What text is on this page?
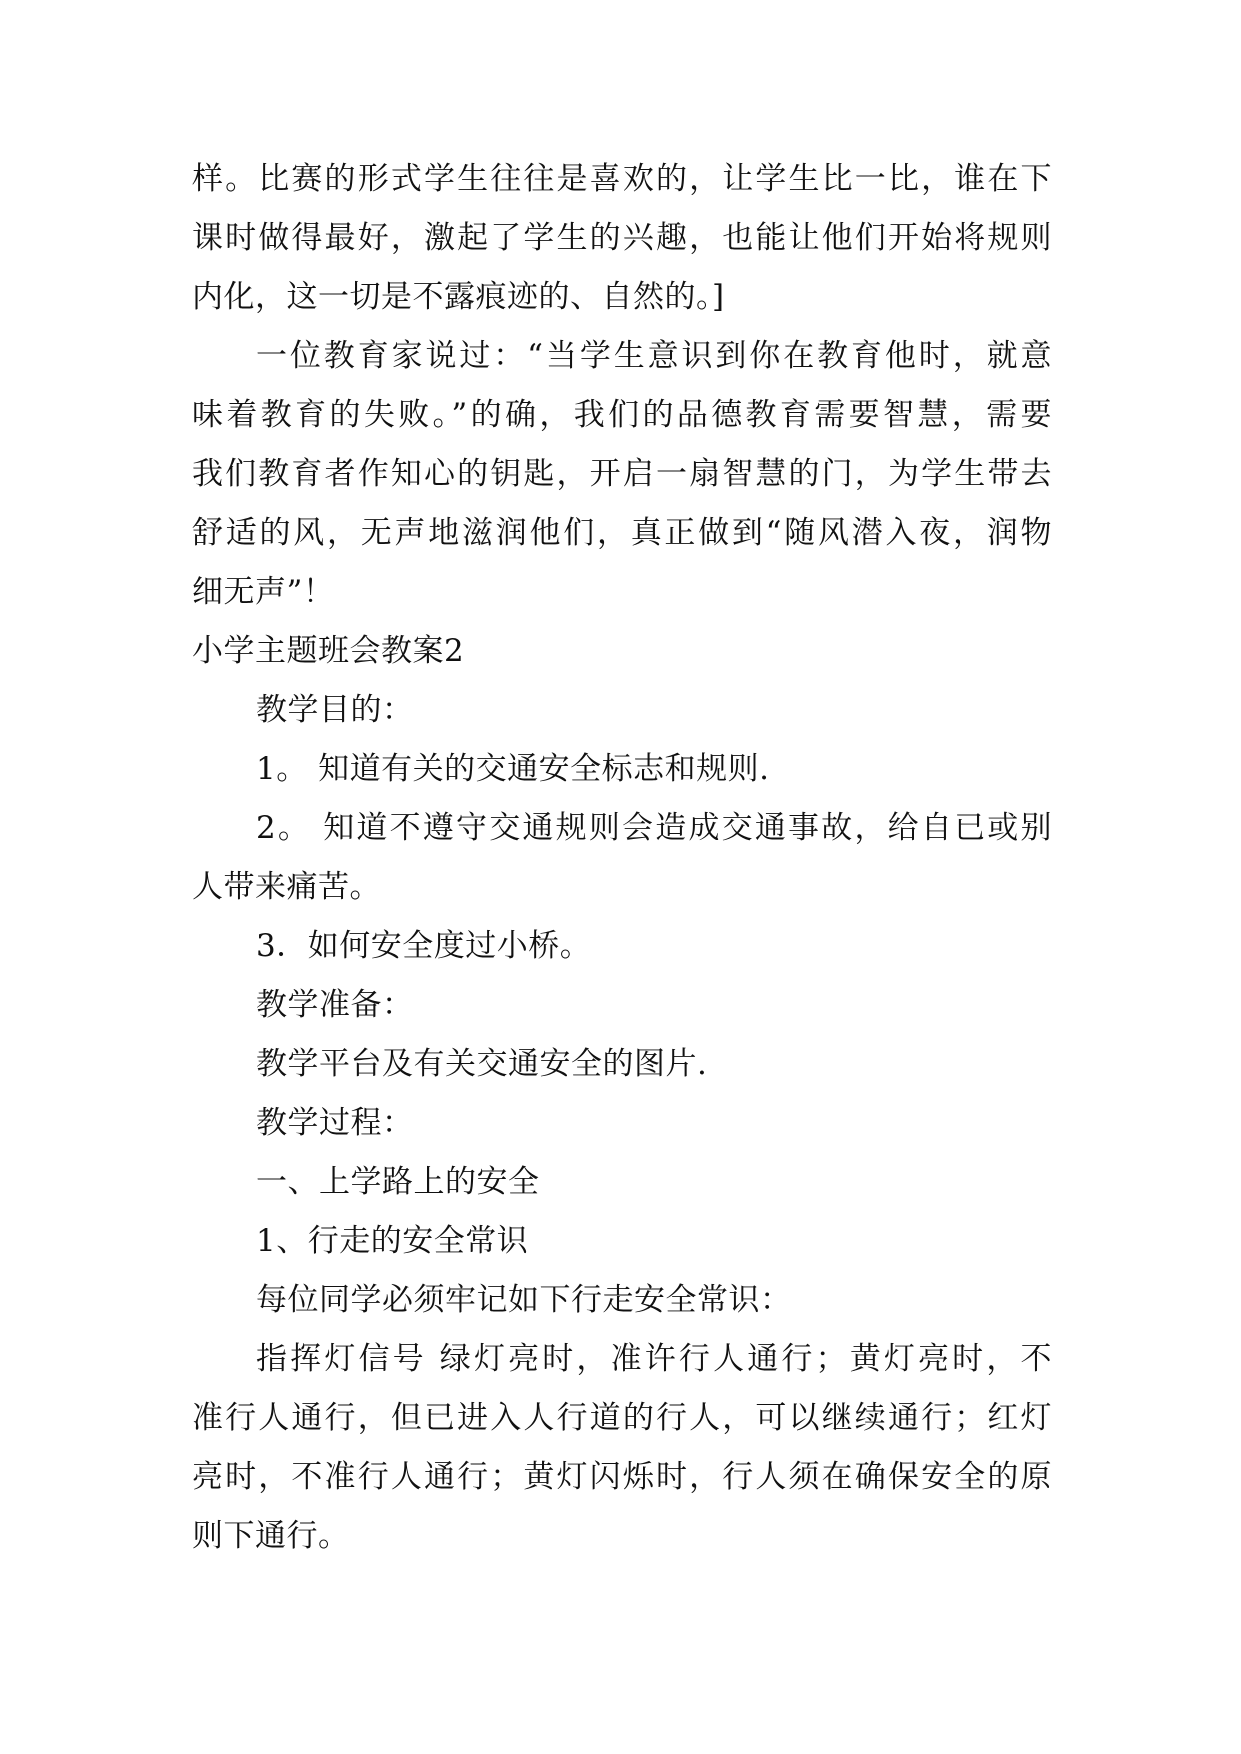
样。比赛的形式学生往往是喜欢的，让学生比一比，谁在下
课时做得最好，激起了学生的兴趣，也能让他们开始将规则
内化，这一切是不露痕迹的、自然的。]
一位教育家说过：“当学生意识到你在教育他时，就意
味着教育的失败。”的确，我们的品德教育需要智慧，需要
我们教育者作知心的钥匙，开启一扇智慧的门，为学生带去
舒适的风，无声地滋润他们，真正做到“随风潜入夜，润物
细无声”！
小学主题班会教案2
教学目的：
1。 知道有关的交通安全标志和规则.
2。 知道不遵守交通规则会造成交通事故，给自已或别
人带来痛苦。
3．如何安全度过小桥。
教学准备：
教学平台及有关交通安全的图片.
教学过程：
一、上学路上的安全
1、行走的安全常识
每位同学必须牢记如下行走安全常识：
指挥灯信号 绿灯亮时，准许行人通行；黄灯亮时，不
准行人通行，但已进入人行道的行人，可以继续通行；红灯
亮时，不准行人通行；黄灯闪烁时，行人须在确保安全的原
则下通行。
